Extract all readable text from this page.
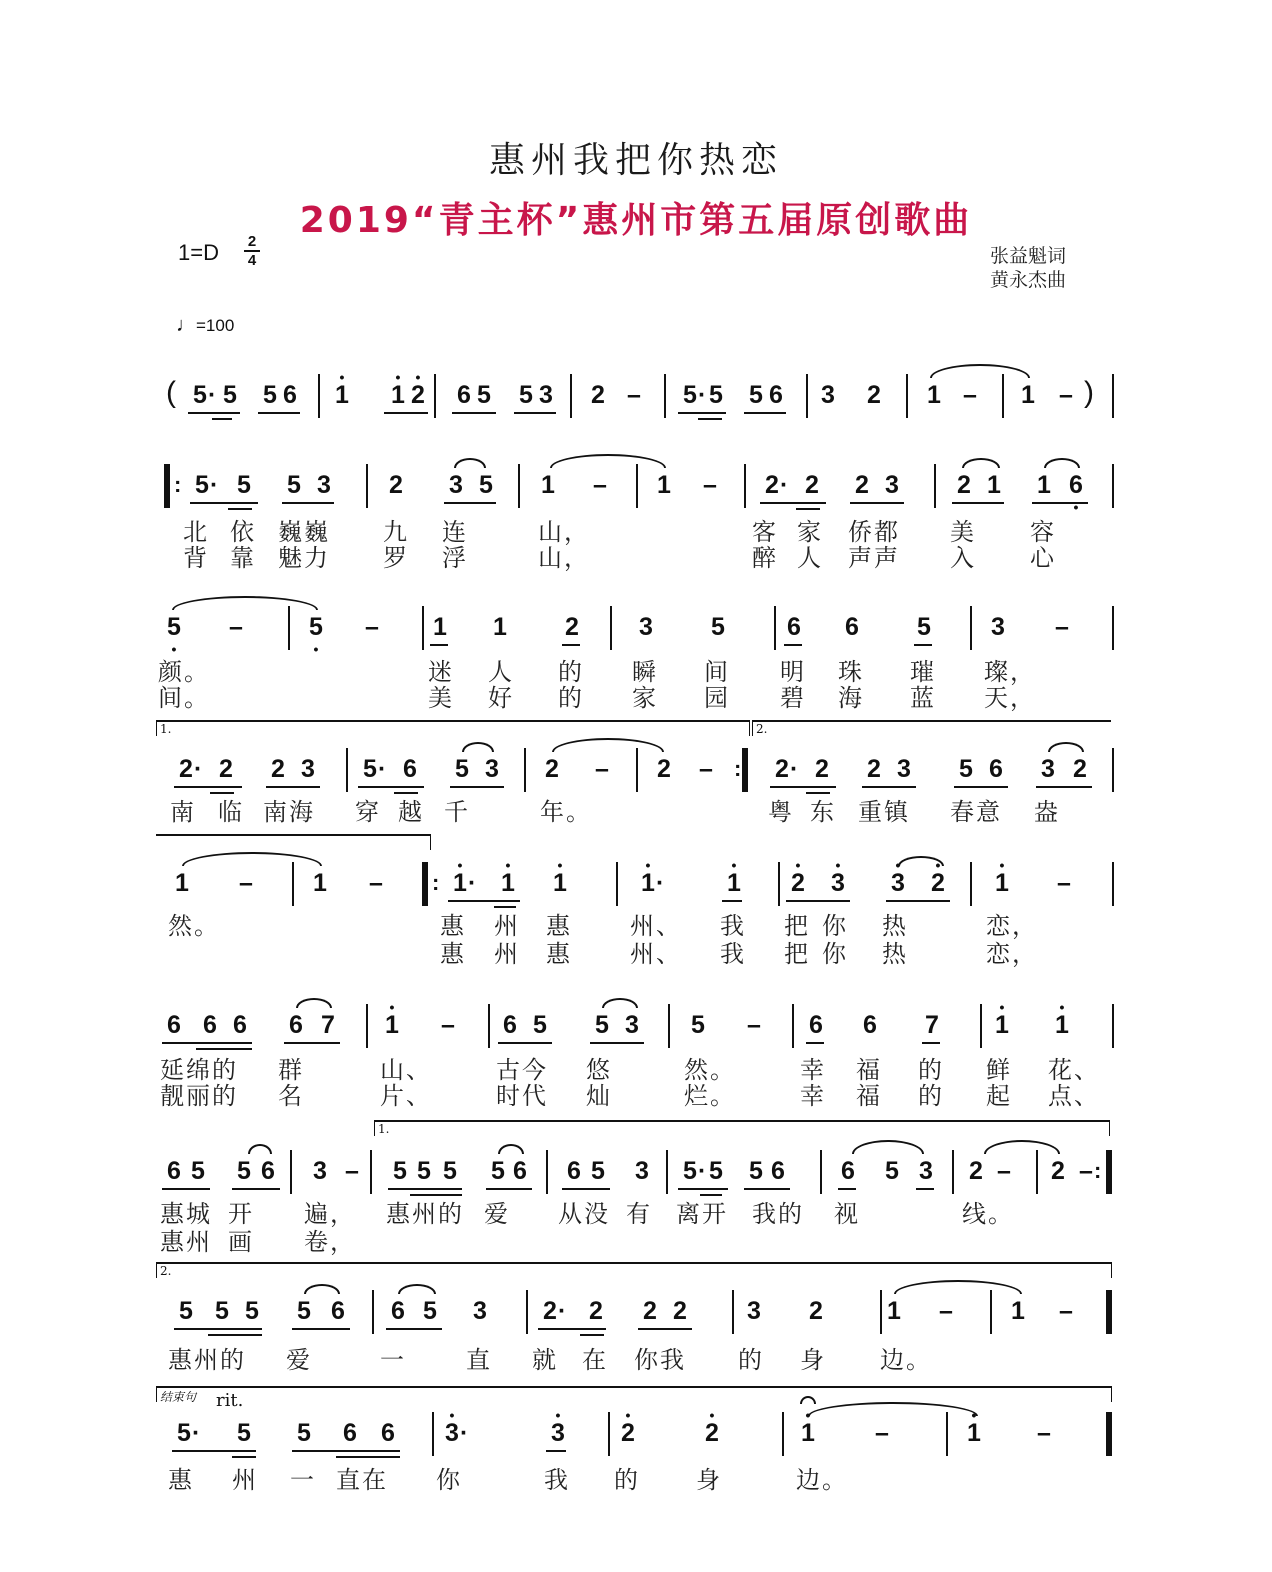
惠州我把你热恋
2019“青主杯”惠州市第五届原创歌曲
1=D 2
4	张益魁词
黄永杰曲
♩=100
5 · 5 5 6 1
•
1
•
2
•
6 5 5 3 2 – 5 · 5 5 6 3 2 1 – 1 –
(	)
5 · 5 5 3 2 3 5 1 – 1 – 2 · 2 2 3 2 1 1 6
•
:
北 依 巍巍 九 连	山，	客 家 侨都 美 容
背 靠 魅力 罗 浮	山，	醉 人 声声 入 心
5
•
–	5
•
– 1 1 2 3 5 6 6 5 3 –
颜。	迷 人 的 瞬 间 明 珠 璀 璨，
间。	美 好 的 家 园 碧 海 蓝 天，
2 · 2 2 3 5 · 6 5 3 2 – 2 – 2 · 2 2 3 5 6 3 2
:
1.	2.
南 临 南海 穿 越 千	年。	粤 东 重镇 春意 盎
1 – 1 –	1 ·
•
1
•
1
•
1 ·
•
1
•
2
•
3
•
3
•
2
•
1
•
–
:
然。	惠 州 惠 州、 我 把 你 热	恋，
惠 州 惠 州、 我 把 你 热	恋，
6 6 6 6 7 1
•
– 6 5 5 3 5 – 6 6 7 1
•
1
•
延绵的 群	山、	古今 悠	然。	幸 福 的 鲜 花、
靓丽的 名	片、	时代 灿	烂。	幸 福 的 起 点、
6 5 5 6 3 – 5 5 5 5 6 6 5 3 5 · 5 5 6 6 5 3 2 – 2 – :
1.
惠城 开 遍， 惠州的 爱 从没 有 离开 我的 视	线。
惠州 画 卷，
5 5 5 5 6 6 5 3 2 · 2 2 2 3 2	1 – 1 –
2.
惠州的 爱	一	直 就 在 你我 的 身 边。
5 · 5 5 6 6 3 ·
•
3
•
2
•
2
•
1
•
–	1
•
–
结束句 rit.
惠 州 一 直在 你	我 的 身	边。
